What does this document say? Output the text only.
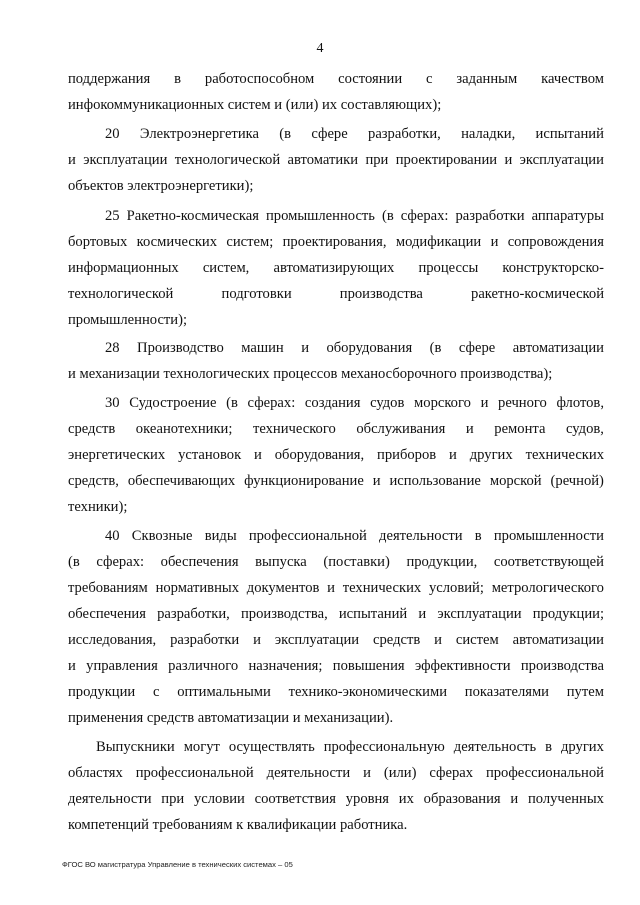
4
поддержания в работоспособном состоянии с заданным качеством
инфокоммуникационных систем и (или) их составляющих);
20 Электроэнергетика (в сфере разработки, наладки, испытаний
и эксплуатации технологической автоматики при проектировании и эксплуатации
объектов электроэнергетики);
25 Ракетно-космическая промышленность (в сферах: разработки аппаратуры
бортовых космических систем; проектирования, модификации и сопровождения
информационных систем, автоматизирующих процессы конструкторско-
технологической	подготовки	производства	ракетно-космической
промышленности);
28 Производство машин и оборудования (в сфере автоматизации
и механизации технологических процессов механосборочного производства);
30 Судостроение (в сферах: создания судов морского и речного флотов,
средств океанотехники; технического обслуживания и ремонта судов,
энергетических установок и оборудования, приборов и других технических
средств, обеспечивающих функционирование и использование морской (речной)
техники);
40 Сквозные виды профессиональной деятельности в промышленности
(в сферах: обеспечения выпуска (поставки) продукции, соответствующей
требованиям нормативных документов и технических условий; метрологического
обеспечения разработки, производства, испытаний и эксплуатации продукции;
исследования, разработки и эксплуатации средств и систем автоматизации
и управления различного назначения; повышения эффективности производства
продукции с оптимальными технико-экономическими показателями путем
применения средств автоматизации и механизации).
Выпускники могут осуществлять профессиональную деятельность в других
областях профессиональной деятельности и (или) сферах профессиональной
деятельности при условии соответствия уровня их образования и полученных
компетенций требованиям к квалификации работника.
ФГОС ВО магистратура Управление в технических системах – 05
